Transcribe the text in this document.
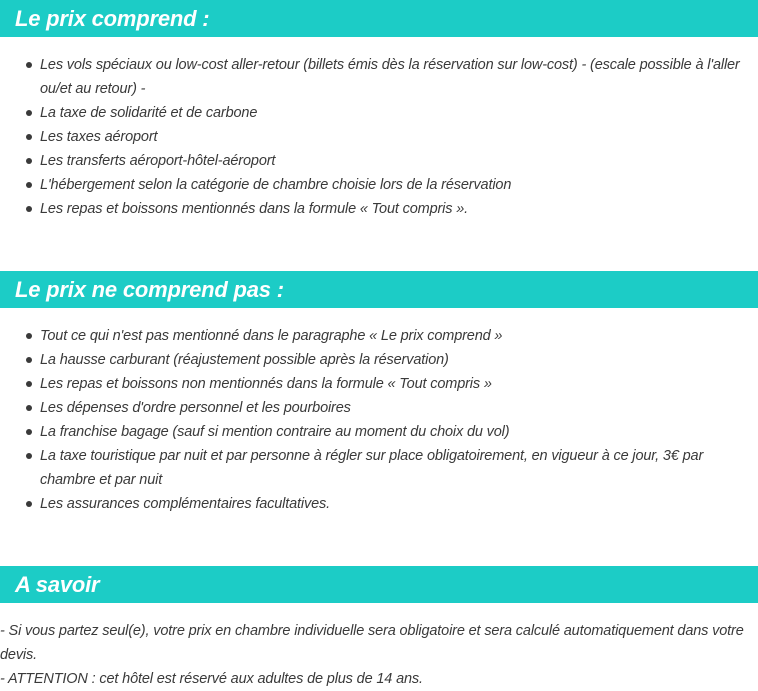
Le prix comprend :
Les vols spéciaux ou low-cost aller-retour (billets émis dès la réservation sur low-cost) - (escale possible à l'aller ou/et au retour) -
La taxe de solidarité et de carbone
Les taxes aéroport
Les transferts aéroport-hôtel-aéroport
L'hébergement selon la catégorie de chambre choisie lors de la réservation
Les repas et boissons mentionnés dans la formule « Tout compris ».
Le prix ne comprend pas :
Tout ce qui n'est pas mentionné dans le paragraphe « Le prix comprend »
La hausse carburant (réajustement possible après la réservation)
Les repas et boissons non mentionnés dans la formule « Tout compris »
Les dépenses d'ordre personnel et les pourboires
La franchise bagage (sauf si mention contraire au moment du choix du vol)
La taxe touristique par nuit et par personne à régler sur place obligatoirement, en vigueur à ce jour, 3€ par chambre et par nuit
Les assurances complémentaires facultatives.
A savoir
- Si vous partez seul(e), votre prix en chambre individuelle sera obligatoire et sera calculé automatiquement dans votre devis.
- ATTENTION : cet hôtel est réservé aux adultes de plus de 14 ans.
